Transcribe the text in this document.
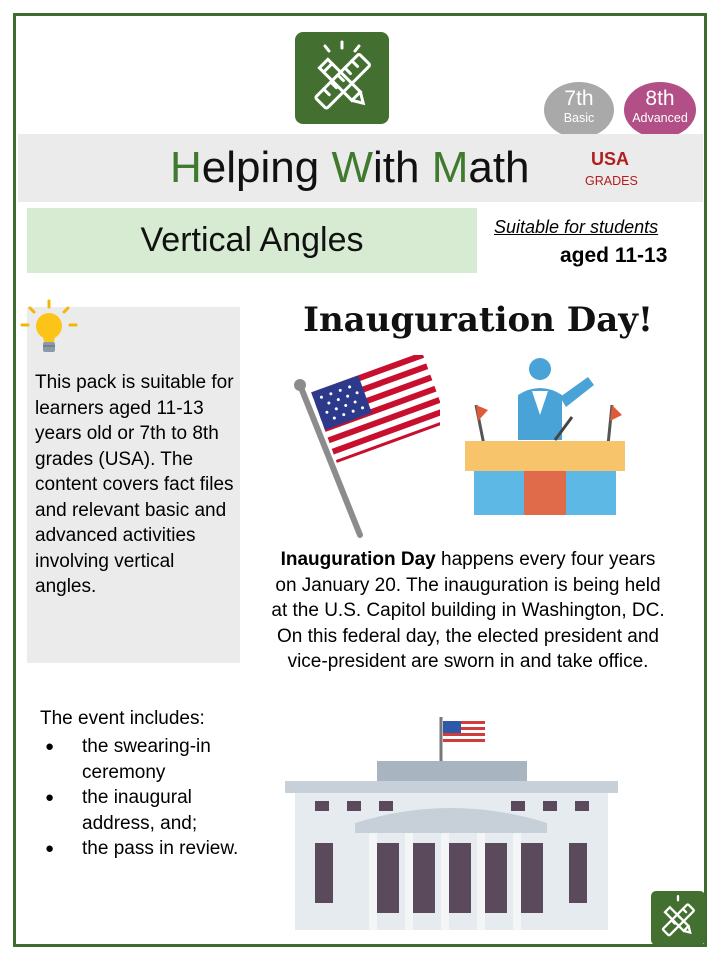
7th
Basic
8th
Advanced
Helping With Math	USA
GRADES
Vertical Angles	Suitable for students
aged 11-13
This pack is suitable for learners aged 11-13 years old or 7th to 8th grades (USA). The content covers fact files and relevant basic and advanced activities involving vertical angles.
The event includes:
● the swearing-in ceremony
● the inaugural address, and;
● the pass in review.
Inauguration Day!
Inauguration Day happens every four years on January 20. The inauguration is being held at the U.S. Capitol building in Washington, DC. On this federal day, the elected president and vice-president are sworn in and take office.
